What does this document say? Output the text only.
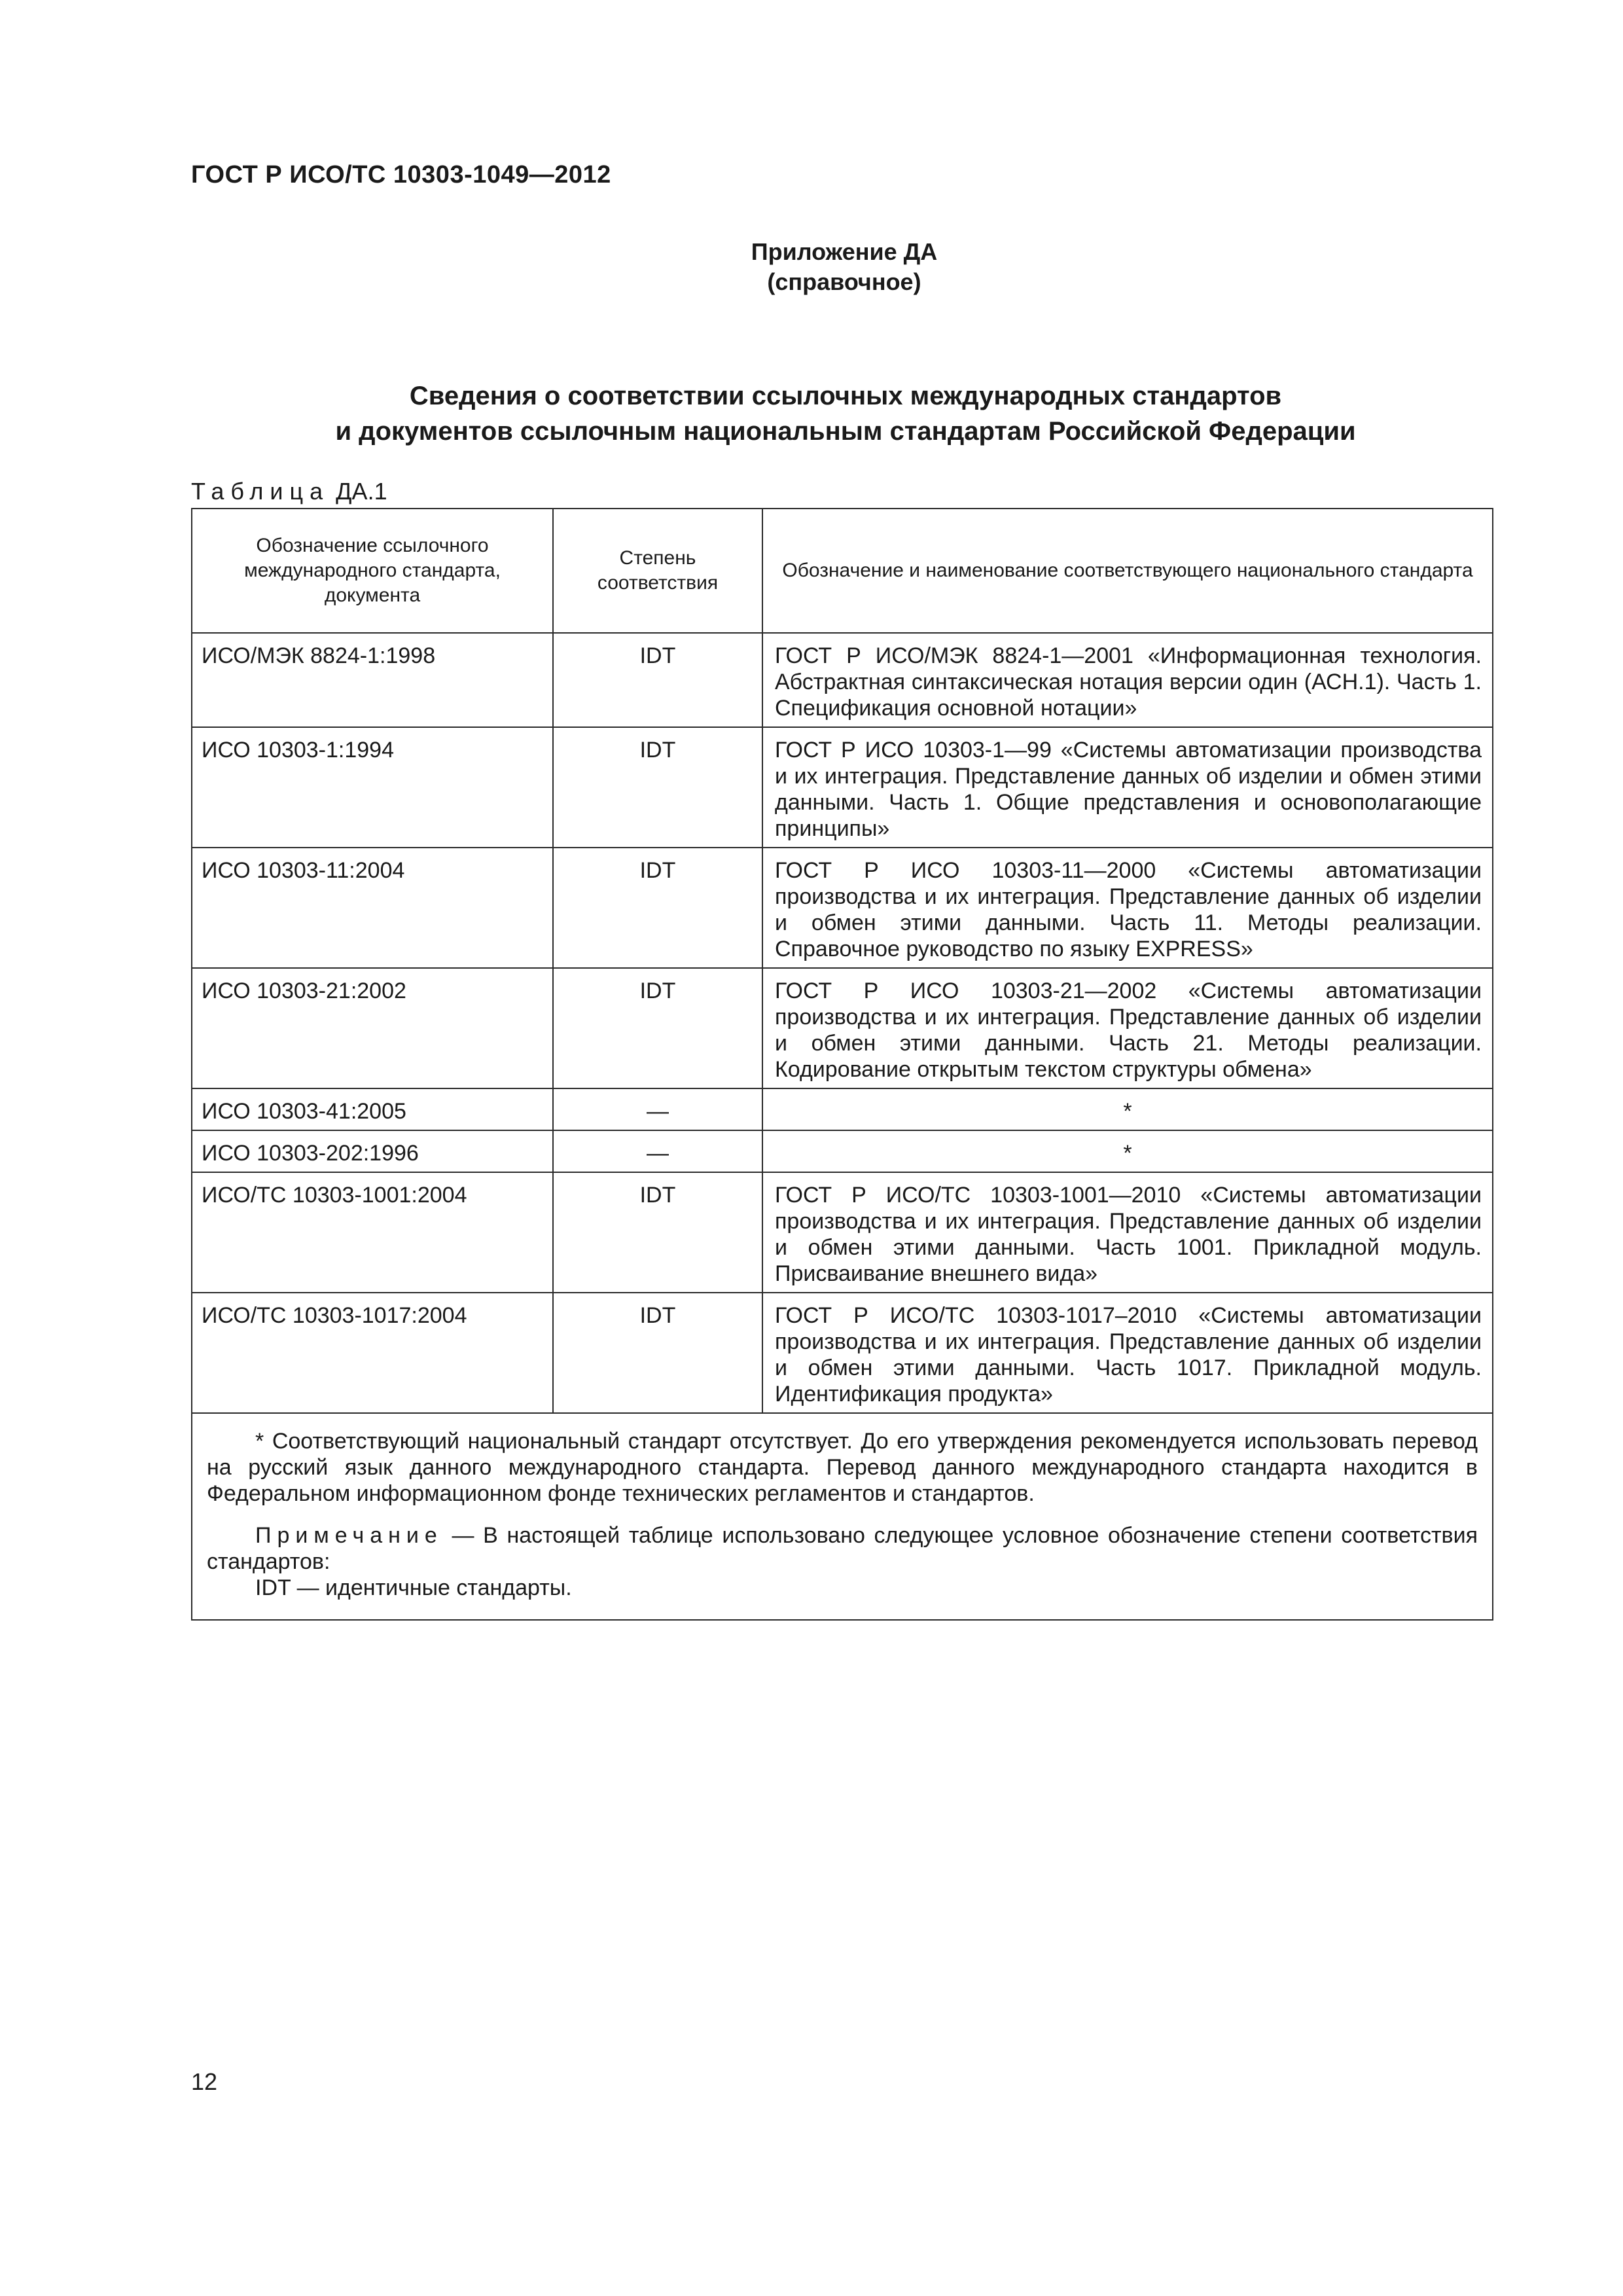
ГОСТ Р ИСО/ТС 10303-1049—2012
Приложение ДА
(справочное)
Сведения о соответствии ссылочных международных стандартов
и документов ссылочным национальным стандартам Российской Федерации
Таблица ДА.1
Обозначение ссылочного международного стандарта, документа	Степень соответствия	Обозначение и наименование соответствующего национального стандарта
ИСО/МЭК 8824-1:1998	IDT	ГОСТ Р ИСО/МЭК 8824-1—2001 «Информационная технология. Абстрактная синтаксическая нотация версии один (АСН.1). Часть 1. Спецификация основной нотации»
ИСО 10303-1:1994	IDT	ГОСТ Р ИСО 10303-1—99 «Системы автоматизации производства и их интеграция. Представление данных об изделии и обмен этими данными. Часть 1. Общие представления и основополагающие принципы»
ИСО 10303-11:2004	IDT	ГОСТ Р ИСО 10303-11—2000 «Системы автоматизации производства и их интеграция. Представление данных об изделии и обмен этими данными. Часть 11. Методы реализации. Справочное руководство по языку EXPRESS»
ИСО 10303-21:2002	IDT	ГОСТ Р ИСО 10303-21—2002 «Системы автоматизации производства и их интеграция. Представление данных об изделии и обмен этими данными. Часть 21. Методы реализации. Кодирование открытым текстом структуры обмена»
ИСО 10303-41:2005	—	*
ИСО 10303-202:1996	—	*
ИСО/ТС 10303-1001:2004	IDT	ГОСТ Р ИСО/ТС 10303-1001—2010 «Системы автоматизации производства и их интеграция. Представление данных об изделии и обмен этими данными. Часть 1001. Прикладной модуль. Присваивание внешнего вида»
ИСО/ТС 10303-1017:2004	IDT	ГОСТ Р ИСО/ТС 10303-1017–2010 «Системы автоматизации производства и их интеграция. Представление данных об изделии и обмен этими данными. Часть 1017. Прикладной модуль. Идентификация продукта»

* Соответствующий национальный стандарт отсутствует. До его утверждения рекомендуется использовать перевод на русский язык данного международного стандарта. Перевод данного международного стандарта находится в Федеральном информационном фонде технических регламентов и стандартов.

Примечание — В настоящей таблице использовано следующее условное обозначение степени соответствия стандартов:

IDT — идентичные стандарты.		

12
